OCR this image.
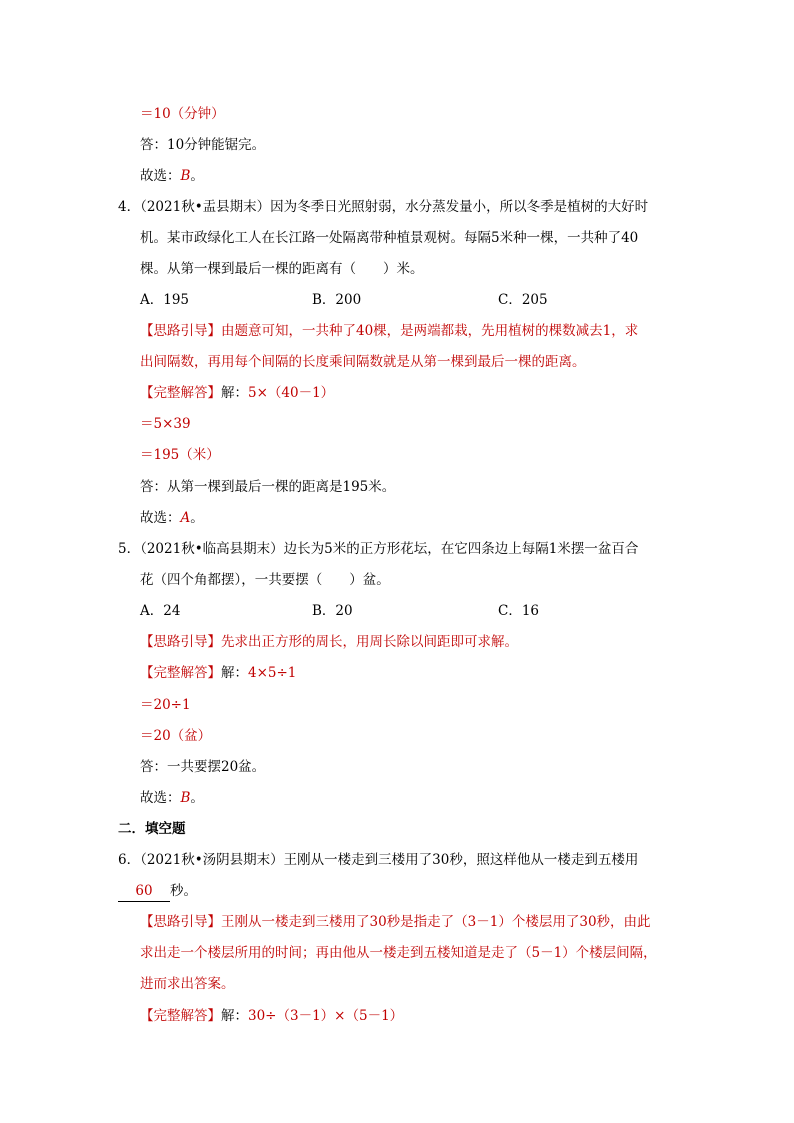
＝10（分钟）
答：10分钟能锯完。
故选：B。
4．（2021秋•盂县期末）因为冬季日光照射弱，水分蒸发量小，所以冬季是植树的大好时
机。某市政绿化工人在长江路一处隔离带种植景观树。每隔5米种一棵，一共种了40
棵。从第一棵到最后一棵的距离有（　　）米。
A．195	B．200	C．205
【思路引导】由题意可知，一共种了40棵，是两端都栽，先用植树的棵数减去1，求
出间隔数，再用每个间隔的长度乘间隔数就是从第一棵到最后一棵的距离。
【完整解答】解：5×（40－1）
＝5×39
＝195（米）
答：从第一棵到最后一棵的距离是195米。
故选：A。
5．（2021秋•临高县期末）边长为5米的正方形花坛，在它四条边上每隔1米摆一盆百合
花（四个角都摆），一共要摆（　　）盆。
A．24	B．20	C．16
【思路引导】先求出正方形的周长，用周长除以间距即可求解。
【完整解答】解：4×5÷1
＝20÷1
＝20（盆）
答：一共要摆20盆。
故选：B。
二．填空题
6．（2021秋•汤阴县期末）王刚从一楼走到三楼用了30秒，照这样他从一楼走到五楼用
60 秒。
【思路引导】王刚从一楼走到三楼用了30秒是指走了（3－1）个楼层用了30秒，由此
求出走一个楼层所用的时间；再由他从一楼走到五楼知道是走了（5－1）个楼层间隔，
进而求出答案。
【完整解答】解：30÷（3－1）×（5－1）
